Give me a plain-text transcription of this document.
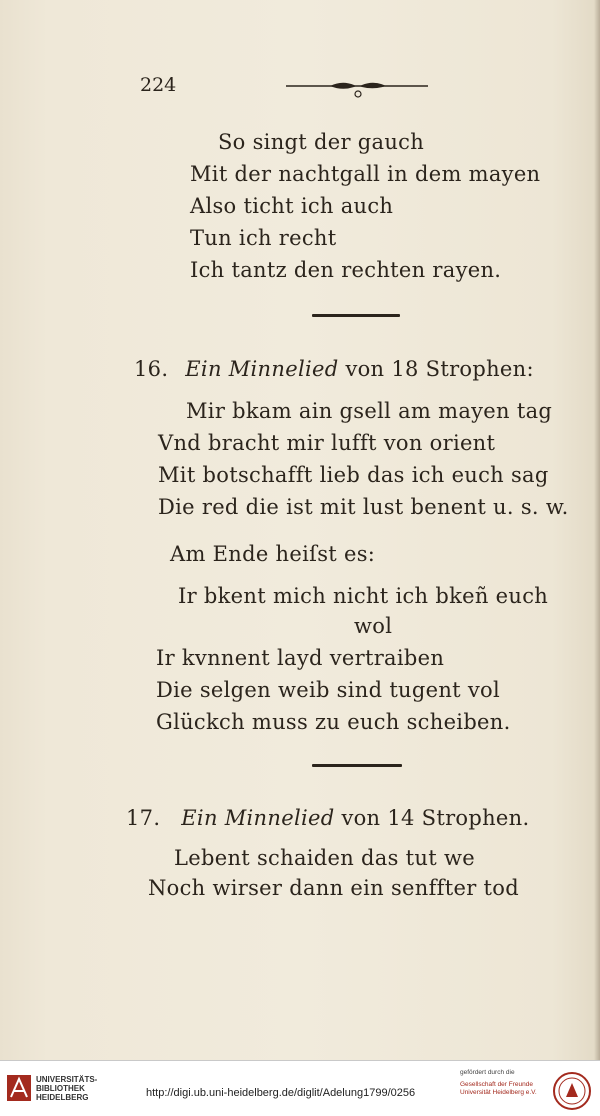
224
So singt der gauch
Mit der nachtgall in dem mayen
Also ticht ich auch
Tun ich recht
Ich tantz den rechten rayen.
16. Ein Minnelied von 18 Strophen:
Mir bkam ain gsell am mayen tag
Vnd bracht mir lufft von orient
Mit botschafft lieb das ich euch sag
Die red die ist mit lust benent u. s. w.
Am Ende heiſst es:
Ir bkent mich nicht ich bkeñ euch
wol
Ir kvnnent layd vertraiben
Die selgen weib sind tugent vol
Glückch muss zu euch scheiben.
17. Ein Minnelied von 14 Strophen.
Lebent schaiden das tut we
Noch wirser dann ein senffter tod
UNIVERSITÄTS-
BIBLIOTHEK
HEIDELBERG	http://digi.ub.uni-heidelberg.de/diglit/Adelung1799/0256
gefördert durch die
Gesellschaft der Freunde
Universität Heidelberg e.V.
